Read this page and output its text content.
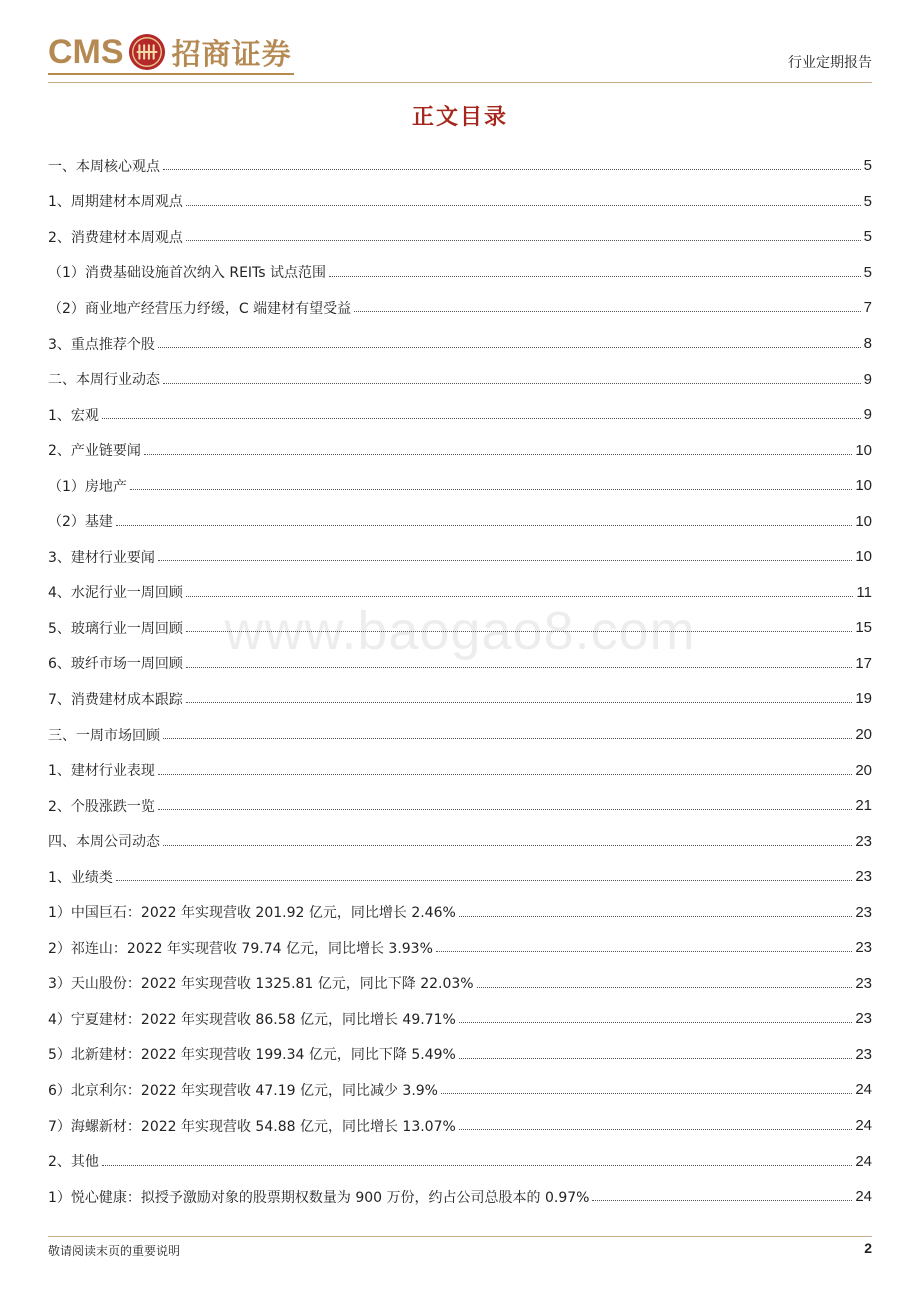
CMS 招商证券	行业定期报告
正文目录
一、本周核心观点	5
1、周期建材本周观点	5
2、消费建材本周观点	5
（1）消费基础设施首次纳入 REITs 试点范围	5
（2）商业地产经营压力纾缓，C 端建材有望受益	7
3、重点推荐个股	8
二、本周行业动态	9
1、宏观	9
2、产业链要闻	10
（1）房地产	10
（2）基建	10
3、建材行业要闻	10
4、水泥行业一周回顾	11
5、玻璃行业一周回顾	15
6、玻纤市场一周回顾	17
7、消费建材成本跟踪	19
三、一周市场回顾	20
1、建材行业表现	20
2、个股涨跌一览	21
四、本周公司动态	23
1、业绩类	23
1）中国巨石：2022 年实现营收 201.92 亿元，同比增长 2.46%	23
2）祁连山：2022 年实现营收 79.74 亿元，同比增长 3.93%	23
3）天山股份：2022 年实现营收 1325.81 亿元，同比下降 22.03%	23
4）宁夏建材：2022 年实现营收 86.58 亿元，同比增长 49.71%	23
5）北新建材：2022 年实现营收 199.34 亿元，同比下降 5.49%	23
6）北京利尔：2022 年实现营收 47.19 亿元，同比减少 3.9%	24
7）海螺新材：2022 年实现营收 54.88 亿元，同比增长 13.07%	24
2、其他	24
1）悦心健康：拟授予激励对象的股票期权数量为 900 万份，约占公司总股本的 0.97%	24
www.baogao8.com
敬请阅读末页的重要说明	2
